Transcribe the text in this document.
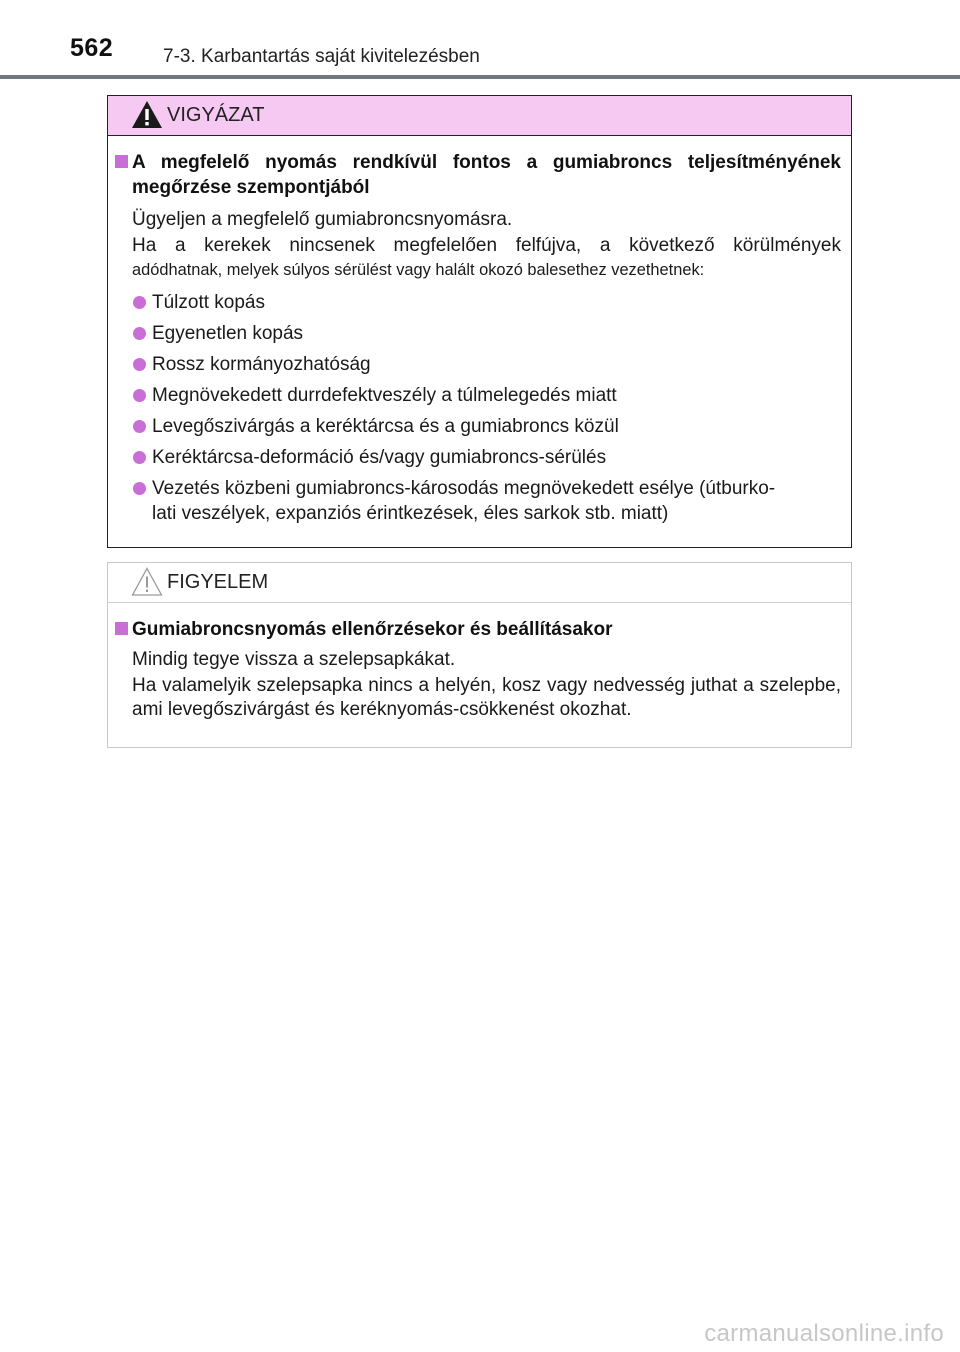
562	7-3. Karbantartás saját kivitelezésben
VIGYÁZAT
A megfelelő nyomás rendkívül fontos a gumiabroncs teljesítményének megőrzése szempontjából
Ügyeljen a megfelelő gumiabroncsnyomásra.
Ha a kerekek nincsenek megfelelően felfújva, a következő körülmények
adódhatnak, melyek súlyos sérülést vagy halált okozó balesethez vezethetnek:
Túlzott kopás
Egyenetlen kopás
Rossz kormányozhatóság
Megnövekedett durrdefektveszély a túlmelegedés miatt
Levegőszivárgás a keréktárcsa és a gumiabroncs közül
Keréktárcsa-deformáció és/vagy gumiabroncs-sérülés
Vezetés közbeni gumiabroncs-károsodás megnövekedett esélye (útburko-
lati veszélyek, expanziós érintkezések, éles sarkok stb. miatt)
FIGYELEM
Gumiabroncsnyomás ellenőrzésekor és beállításakor
Mindig tegye vissza a szelepsapkákat.
Ha valamelyik szelepsapka nincs a helyén, kosz vagy nedvesség juthat a szelepbe, ami levegőszivárgást és keréknyomás-csökkenést okozhat.
carmanualsonline.info
